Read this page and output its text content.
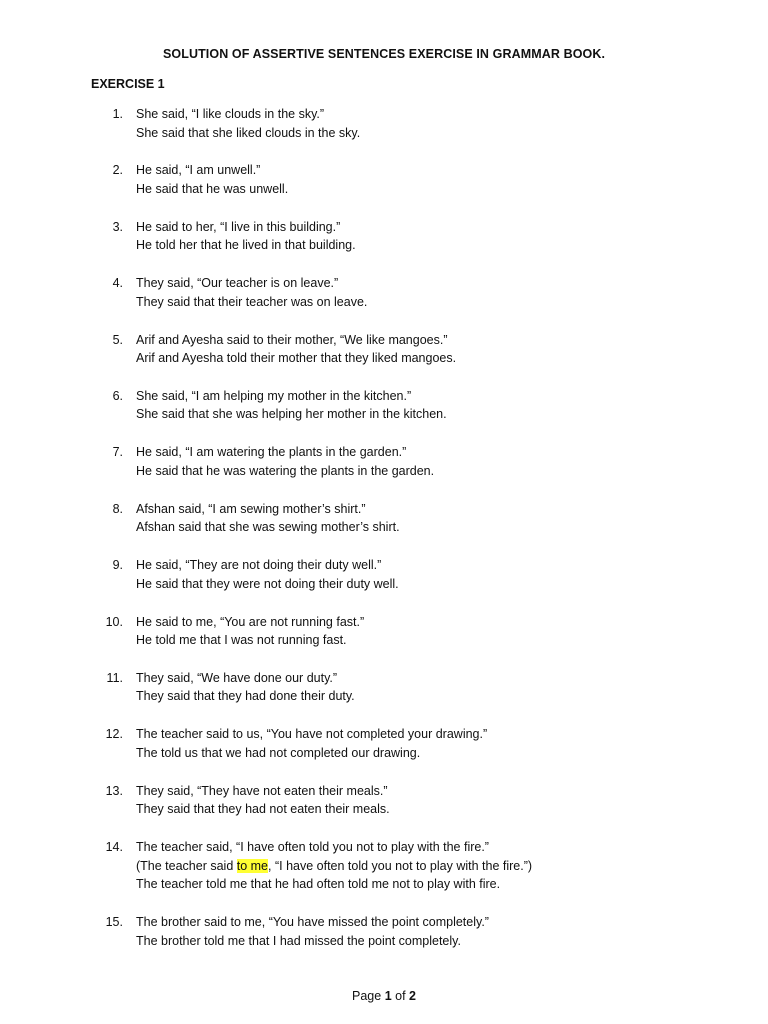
SOLUTION OF ASSERTIVE SENTENCES EXERCISE IN GRAMMAR BOOK.
EXERCISE 1
1. She said, “I like clouds in the sky.”
She said that she liked clouds in the sky.
2. He said, “I am unwell.”
He said that he was unwell.
3. He said to her, “I live in this building.”
He told her that he lived in that building.
4. They said, “Our teacher is on leave.”
They said that their teacher was on leave.
5. Arif and Ayesha said to their mother, “We like mangoes.”
Arif and Ayesha told their mother that they liked mangoes.
6. She said, “I am helping my mother in the kitchen.”
She said that she was helping her mother in the kitchen.
7. He said, “I am watering the plants in the garden.”
He said that he was watering the plants in the garden.
8. Afshan said, “I am sewing mother’s shirt.”
Afshan said that she was sewing mother’s shirt.
9. He said, “They are not doing their duty well.”
He said that they were not doing their duty well.
10. He said to me, “You are not running fast.”
He told me that I was not running fast.
11. They said, “We have done our duty.”
They said that they had done their duty.
12. The teacher said to us, “You have not completed your drawing.”
The told us that we had not completed our drawing.
13. They said, “They have not eaten their meals.”
They said that they had not eaten their meals.
14. The teacher said, “I have often told you not to play with the fire.”
(The teacher said to me, “I have often told you not to play with the fire.”)
The teacher told me that he had often told me not to play with fire.
15. The brother said to me, “You have missed the point completely.”
The brother told me that I had missed the point completely.
Page 1 of 2
